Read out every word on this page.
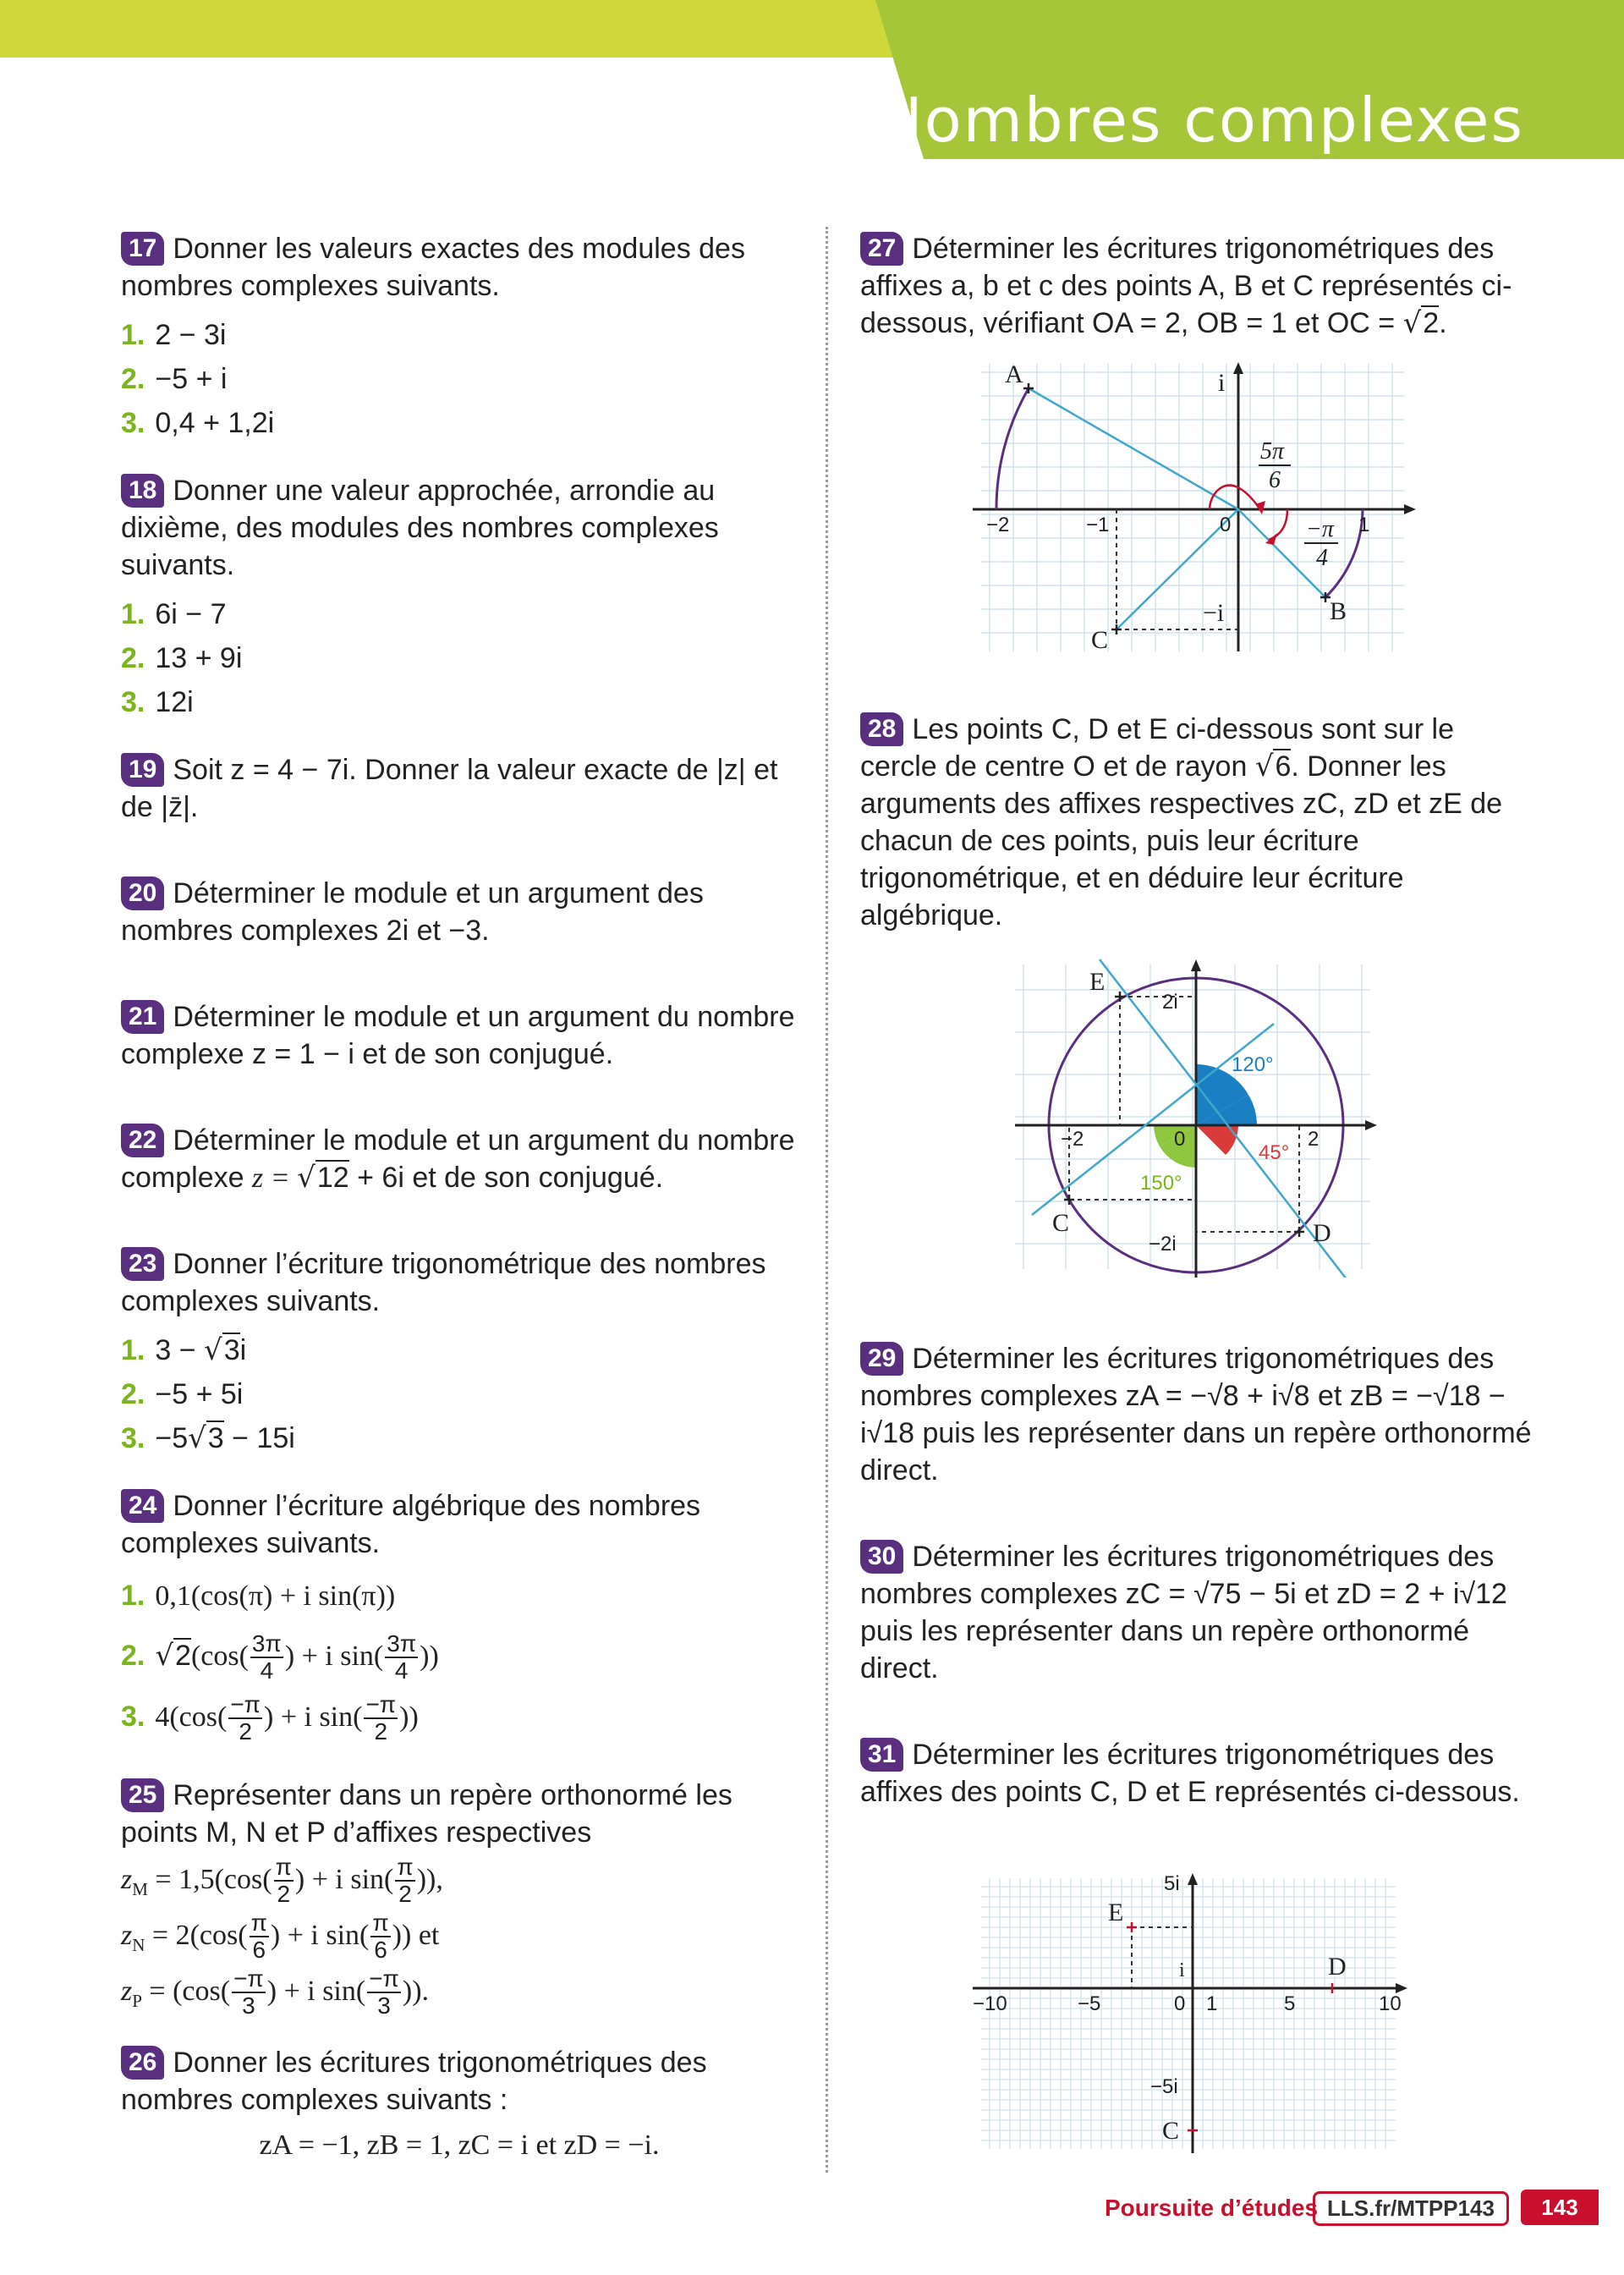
Nombres complexes

17 Donner les valeurs exactes des modules des nombres complexes suivants.

1. 2 − 3i
2. −5 + i
3. 0,4 + 1,2i

18 Donner une valeur approchée, arrondie au dixième, des modules des nombres complexes suivants.

1. 6i − 7
2. 13 + 9i
3. 12i

19 Soit z = 4 − 7i. Donner la valeur exacte de |z| et de |z̄|.

20 Déterminer le module et un argument des nombres complexes 2i et −3.

21 Déterminer le module et un argument du nombre complexe z = 1 − i et de son conjugué.

22 Déterminer le module et un argument du nombre complexe z = √12 + 6i et de son conjugué.

23 Donner l’écriture trigonométrique des nombres complexes suivants.

1. 3 − √3i
2. −5 + 5i
3. −5√3 − 15i

24 Donner l’écriture algébrique des nombres complexes suivants.

1. 0,1(cos(π) + i sin(π))
2. $√2(\cos( \frac{3\pi}{4}$ ) + i $\sin( \frac{3\pi}{4}$ ))
3. $4(\cos( \frac{-\pi}{2}$ ) + i $\sin( \frac{-\pi}{2}$ ))

25 Représenter dans un repère orthonormé les points M, N et P d’affixes respectives

$z_M = 1,5(\cos( \frac{\pi}{2}$ ) + i $\sin( \frac{\pi}{2}$ )),
$z_N = 2(\cos( \frac{\pi}{6}$ ) + i $\sin( \frac{\pi}{6}$ )) et
$z_P = (\cos( \frac{-\pi}{3}$ ) + i $\sin( \frac{-\pi}{3}$ )).

26 Donner les écritures trigonométriques des nombres complexes suivants :

zA = −1, zB = 1, zC = i et zD = −i.

27 Déterminer les écritures trigonométriques des affixes a, b et c des points A, B et C représentés ci-dessous, vérifiant OA = 2, OB = 1 et OC = √2.

28 Les points C, D et E ci-dessous sont sur le cercle de centre O et de rayon √6. Donner les arguments des affixes respectives zC, zD et zE de chacun de ces points, puis leur écriture trigonométrique, et en déduire leur écriture algébrique.

29 Déterminer les écritures trigonométriques des nombres complexes zA = −√8 + i√8 et zB = −√18 − i√18 puis les représenter dans un repère orthonormé direct.

30 Déterminer les écritures trigonométriques des nombres complexes zC = √75 − 5i et zD = 2 + i√12 puis les représenter dans un repère orthonormé direct.

31 Déterminer les écritures trigonométriques des affixes des points C, D et E représentés ci-dessous.

A
B
C
i
−i
−2	−1	0	1
5π
6
−π
4
E
C	D
2i
−2i
−2	2
0
120°
150°
45°
E
D
C
i
5i
−5i
−10	−5	0 1	5	10
Poursuite d’études LLS.fr/MTPP143	143
